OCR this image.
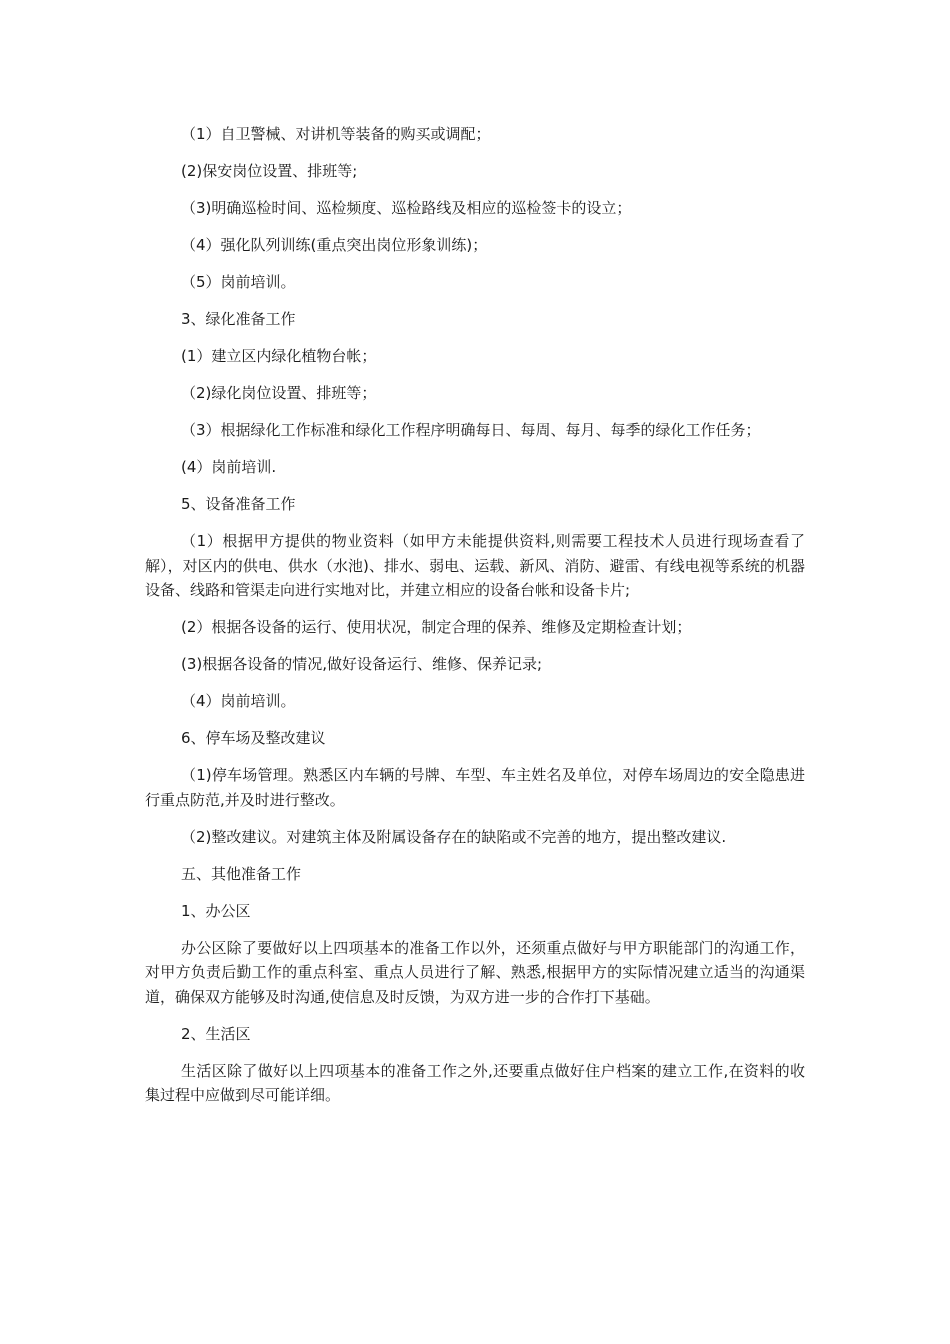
（1）自卫警械、对讲机等装备的购买或调配；

(2)保安岗位设置、排班等;

（3)明确巡检时间、巡检频度、巡检路线及相应的巡检签卡的设立；

（4）强化队列训练(重点突出岗位形象训练)；

（5）岗前培训。

3、绿化准备工作

(1）建立区内绿化植物台帐；

（2)绿化岗位设置、排班等；

（3）根据绿化工作标准和绿化工作程序明确每日、每周、每月、每季的绿化工作任务；

(4）岗前培训.

5、设备准备工作

（1）根据甲方提供的物业资料（如甲方未能提供资料,则需要工程技术人员进行现场查看了解），对区内的供电、供水（水池)、排水、弱电、运载、新风、消防、避雷、有线电视等系统的机器设备、线路和管渠走向进行实地对比，并建立相应的设备台帐和设备卡片;

(2）根据各设备的运行、使用状况，制定合理的保养、维修及定期检查计划；

(3)根据各设备的情况,做好设备运行、维修、保养记录;

（4）岗前培训。

6、停车场及整改建议

（1)停车场管理。熟悉区内车辆的号牌、车型、车主姓名及单位，对停车场周边的安全隐患进行重点防范,并及时进行整改。

（2)整改建议。对建筑主体及附属设备存在的缺陷或不完善的地方，提出整改建议.

五、其他准备工作

1、办公区

办公区除了要做好以上四项基本的准备工作以外，还须重点做好与甲方职能部门的沟通工作，对甲方负责后勤工作的重点科室、重点人员进行了解、熟悉,根据甲方的实际情况建立适当的沟通渠道，确保双方能够及时沟通,使信息及时反馈，为双方进一步的合作打下基础。

2、生活区

生活区除了做好以上四项基本的准备工作之外,还要重点做好住户档案的建立工作,在资料的收集过程中应做到尽可能详细。
